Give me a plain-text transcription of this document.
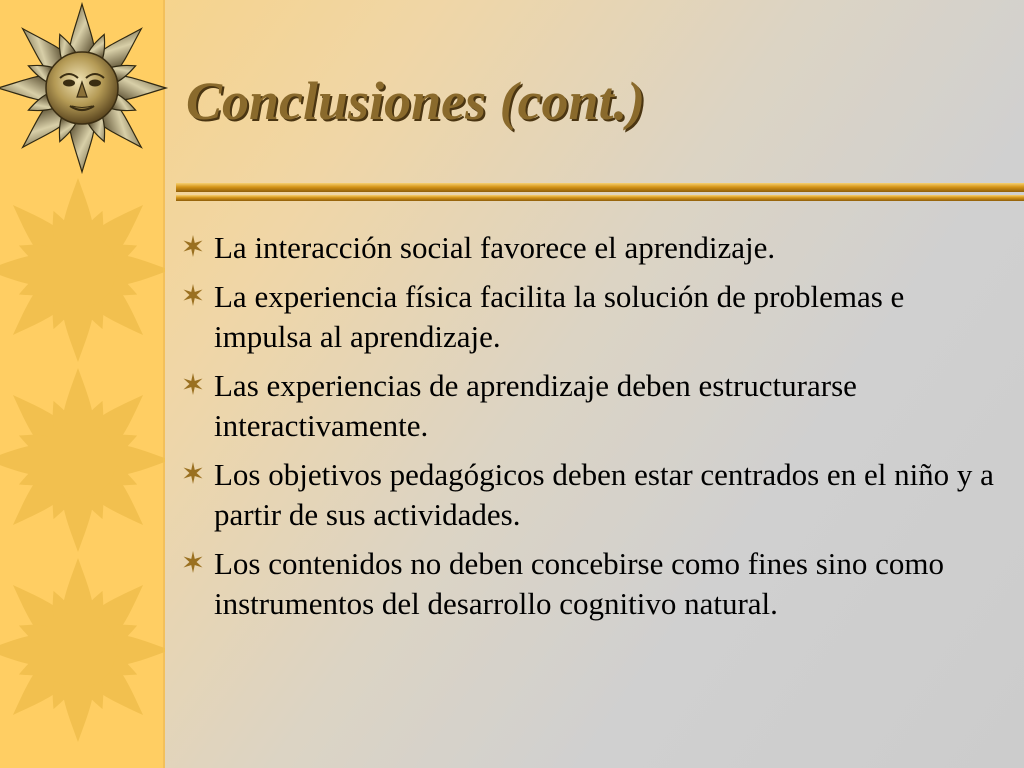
Conclusiones (cont.)
La interacción social favorece el aprendizaje.
La experiencia física facilita la solución de problemas e impulsa al aprendizaje.
Las experiencias de aprendizaje deben estructurarse interactivamente.
Los objetivos pedagógicos deben estar centrados en el niño y a partir de sus actividades.
Los contenidos no deben concebirse como fines sino como instrumentos del desarrollo cognitivo natural.
